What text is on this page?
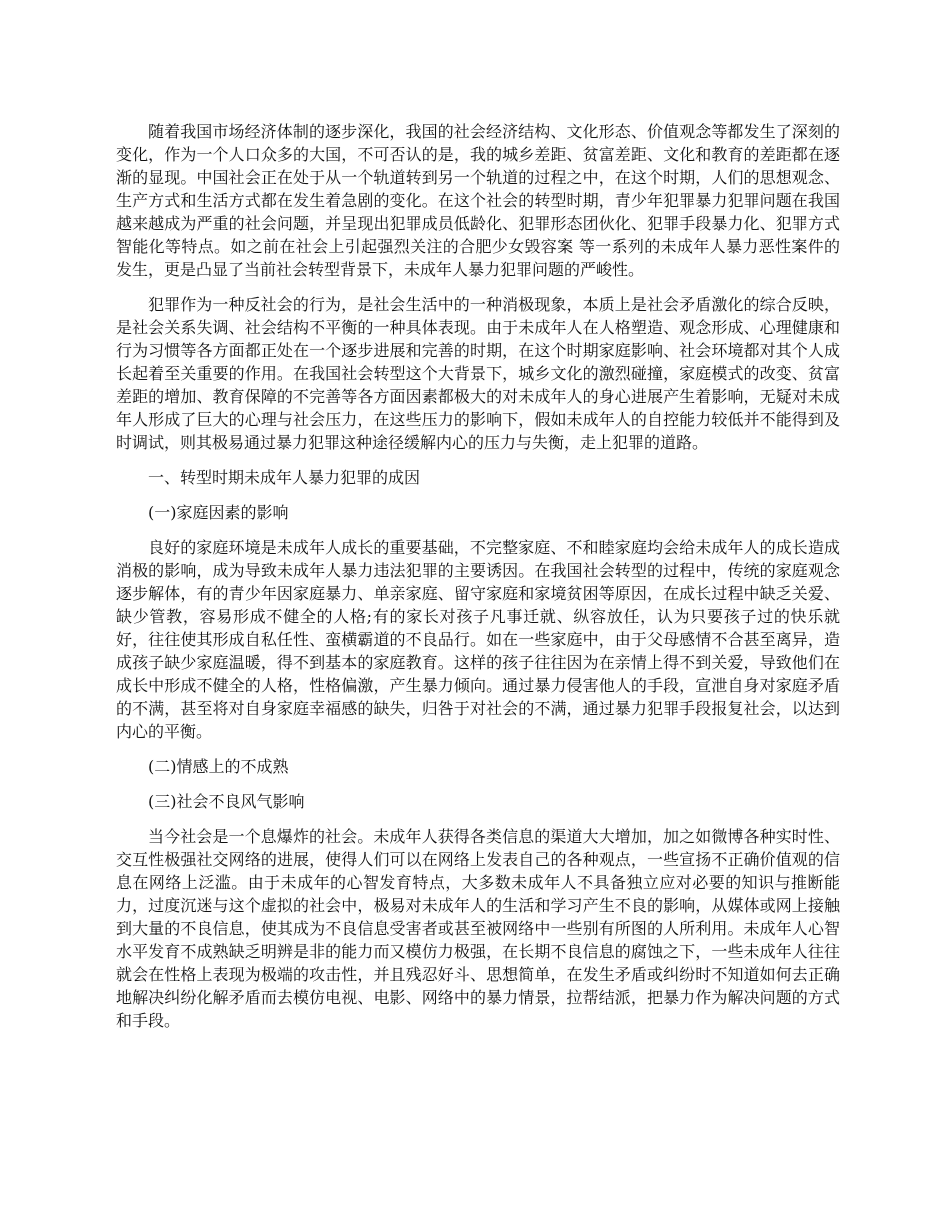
随着我国市场经济体制的逐步深化，我国的社会经济结构、文化形态、价值观念等都发生了深刻的变化，作为一个人口众多的大国，不可否认的是，我的城乡差距、贫富差距、文化和教育的差距都在逐渐的显现。中国社会正在处于从一个轨道转到另一个轨道的过程之中，在这个时期，人们的思想观念、生产方式和生活方式都在发生着急剧的变化。在这个社会的转型时期，青少年犯罪暴力犯罪问题在我国越来越成为严重的社会问题，并呈现出犯罪成员低龄化、犯罪形态团伙化、犯罪手段暴力化、犯罪方式智能化等特点。如之前在社会上引起强烈关注的合肥少女毁容案 等一系列的未成年人暴力恶性案件的发生，更是凸显了当前社会转型背景下，未成年人暴力犯罪问题的严峻性。

犯罪作为一种反社会的行为，是社会生活中的一种消极现象，本质上是社会矛盾激化的综合反映，是社会关系失调、社会结构不平衡的一种具体表现。由于未成年人在人格塑造、观念形成、心理健康和行为习惯等各方面都正处在一个逐步进展和完善的时期，在这个时期家庭影响、社会环境都对其个人成长起着至关重要的作用。在我国社会转型这个大背景下，城乡文化的激烈碰撞，家庭模式的改变、贫富差距的增加、教育保障的不完善等各方面因素都极大的对未成年人的身心进展产生着影响，无疑对未成年人形成了巨大的心理与社会压力，在这些压力的影响下，假如未成年人的自控能力较低并不能得到及时调试，则其极易通过暴力犯罪这种途径缓解内心的压力与失衡，走上犯罪的道路。

一、转型时期未成年人暴力犯罪的成因

(一)家庭因素的影响

良好的家庭环境是未成年人成长的重要基础，不完整家庭、不和睦家庭均会给未成年人的成长造成消极的影响，成为导致未成年人暴力违法犯罪的主要诱因。在我国社会转型的过程中，传统的家庭观念逐步解体，有的青少年因家庭暴力、单亲家庭、留守家庭和家境贫困等原因，在成长过程中缺乏关爱、缺少管教，容易形成不健全的人格;有的家长对孩子凡事迁就、纵容放任，认为只要孩子过的快乐就好，往往使其形成自私任性、蛮横霸道的不良品行。如在一些家庭中，由于父母感情不合甚至离异，造成孩子缺少家庭温暖，得不到基本的家庭教育。这样的孩子往往因为在亲情上得不到关爱，导致他们在成长中形成不健全的人格，性格偏激，产生暴力倾向。通过暴力侵害他人的手段，宣泄自身对家庭矛盾的不满，甚至将对自身家庭幸福感的缺失，归咎于对社会的不满，通过暴力犯罪手段报复社会，以达到内心的平衡。

(二)情感上的不成熟

(三)社会不良风气影响

当今社会是一个息爆炸的社会。未成年人获得各类信息的渠道大大增加，加之如微博各种实时性、交互性极强社交网络的进展，使得人们可以在网络上发表自己的各种观点，一些宣扬不正确价值观的信息在网络上泛滥。由于未成年的心智发育特点，大多数未成年人不具备独立应对必要的知识与推断能力，过度沉迷与这个虚拟的社会中，极易对未成年人的生活和学习产生不良的影响，从媒体或网上接触到大量的不良信息，使其成为不良信息受害者或甚至被网络中一些别有所图的人所利用。未成年人心智水平发育不成熟缺乏明辨是非的能力而又模仿力极强，在长期不良信息的腐蚀之下，一些未成年人往往就会在性格上表现为极端的攻击性，并且残忍好斗、思想简单，在发生矛盾或纠纷时不知道如何去正确地解决纠纷化解矛盾而去模仿电视、电影、网络中的暴力情景，拉帮结派，把暴力作为解决问题的方式和手段。
